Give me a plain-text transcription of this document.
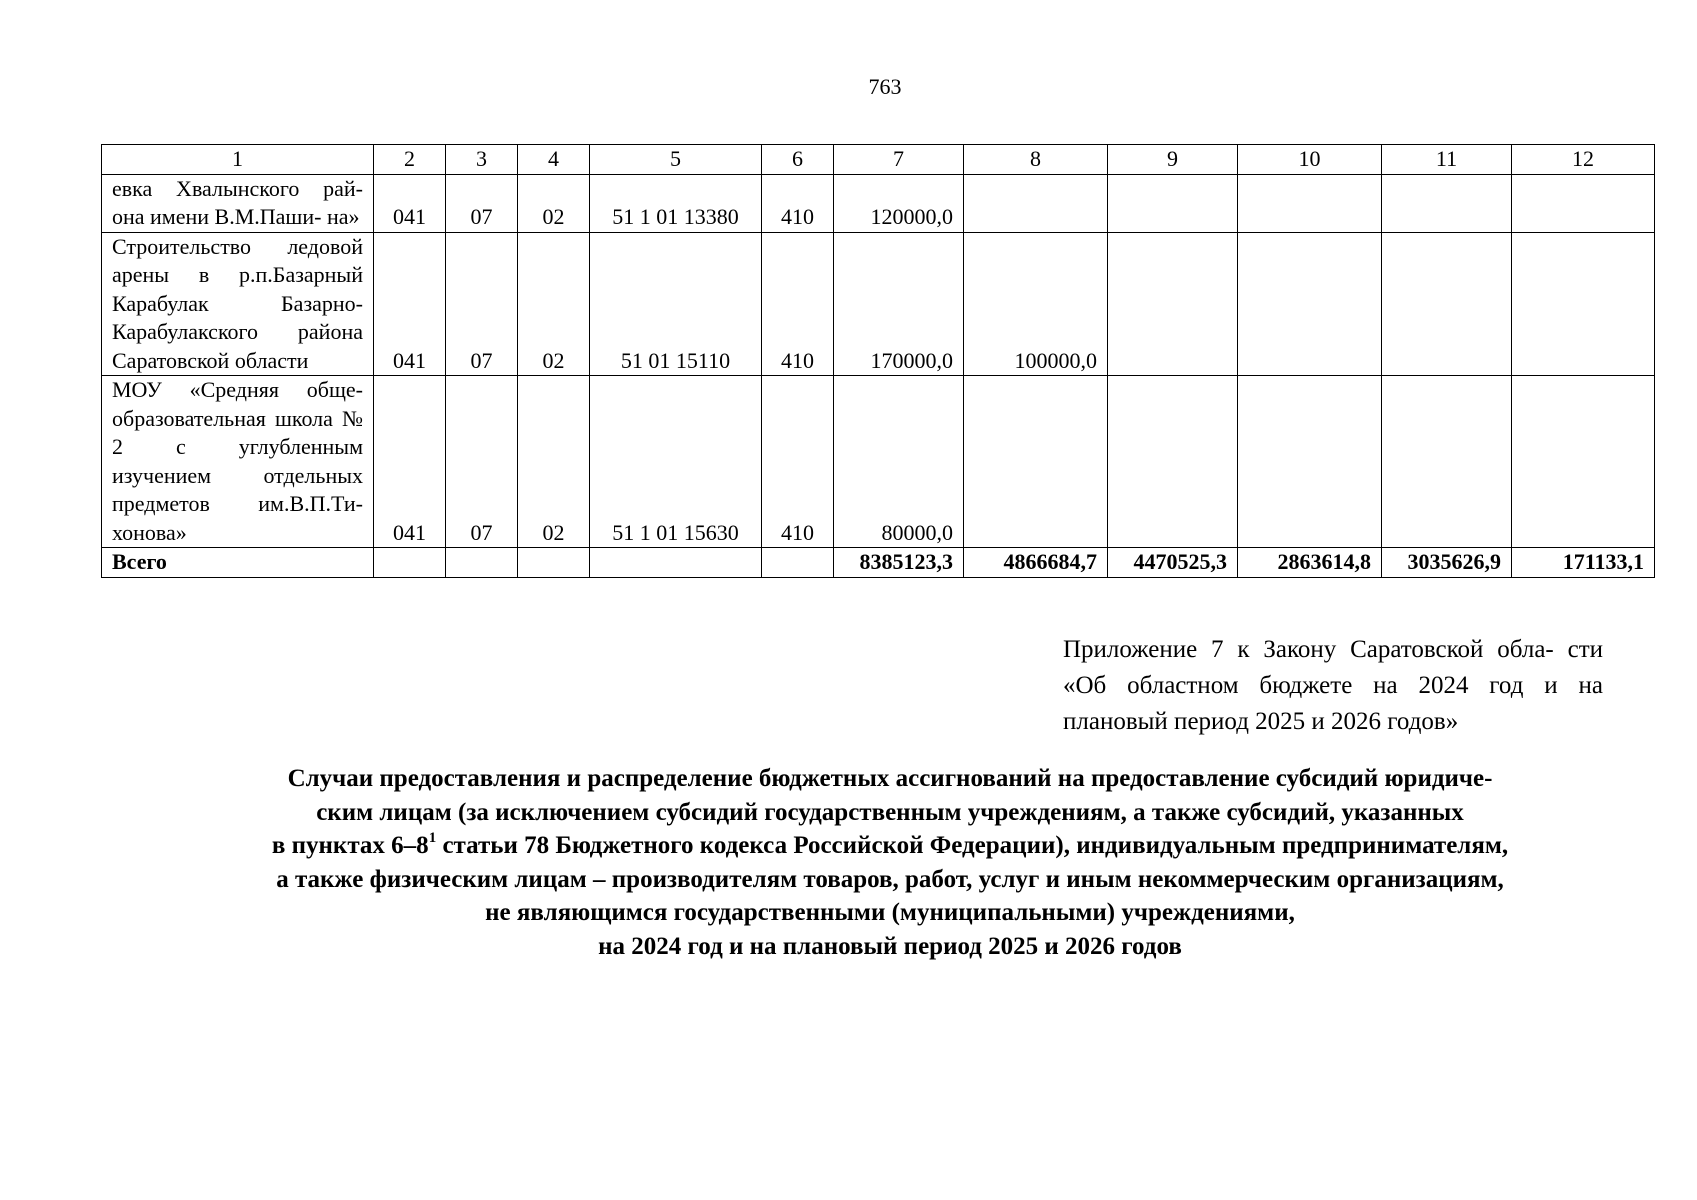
763
1	2	3	4	5	6	7	8	9	10	11	12
евка Хвалынского рай- она имени В.М.Паши- на»	041	07	02	51 1 01 13380	410	120000,0					
Строительство ледовой арены в р.п.Базарный Карабулак Базарно- Карабулакского района Саратовской области	041	07	02	51 01 15110	410	170000,0	100000,0				
МОУ «Средняя обще- образовательная школа № 2 с углубленным изучением отдельных предметов им.В.П.Ти- хонова»	041	07	02	51 1 01 15630	410	80000,0					
Всего						8385123,3	4866684,7	4470525,3	2863614,8	3035626,9	171133,1
Приложение 7 к Закону Саратовской обла- сти «Об областном бюджете на 2024 год и на плановый период 2025 и 2026 годов»
Случаи предоставления и распределение бюджетных ассигнований на предоставление субсидий юридиче-
ским лицам (за исключением субсидий государственным учреждениям, а также субсидий, указанных
в пунктах $6-8^1$ статьи 78 Бюджетного кодекса Российской Федерации), индивидуальным предпринимателям,
а также физическим лицам – производителям товаров, работ, услуг и иным некоммерческим организациям,
не являющимся государственными (муниципальными) учреждениями,
на 2024 год и на плановый период 2025 и 2026 годов
